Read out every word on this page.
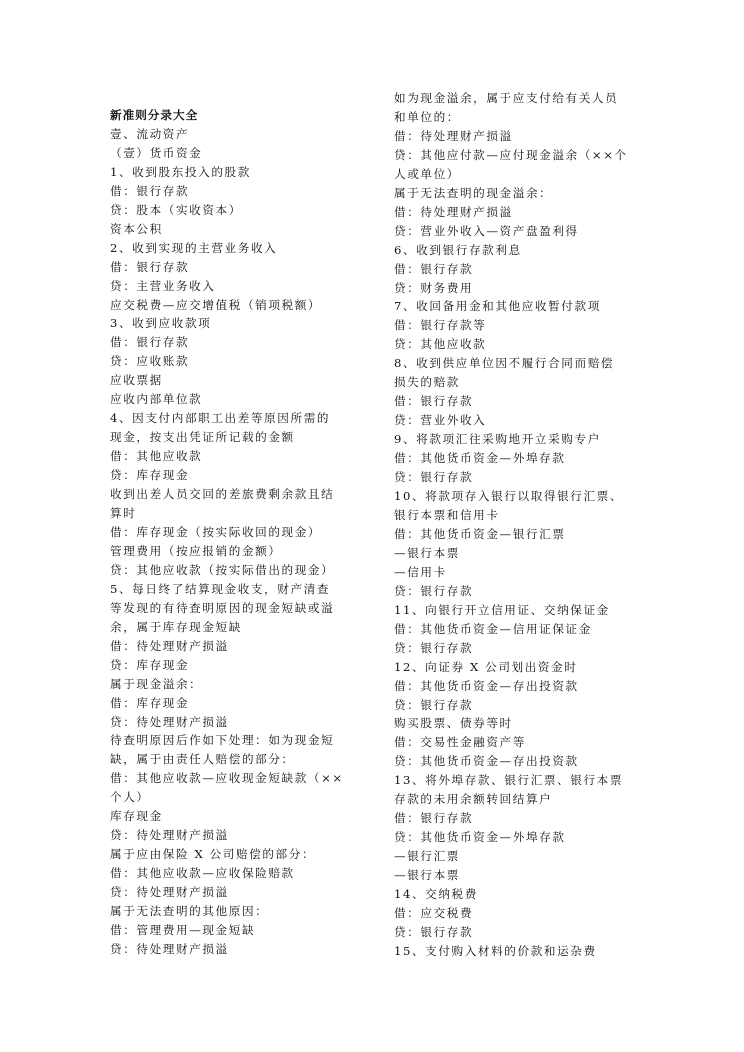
新准则分录大全
壹、流动资产
（壹）货币资金
1、收到股东投入的股款
借：银行存款
贷：股本（实收资本）
资本公积
2、收到实现的主营业务收入
借：银行存款
贷：主营业务收入
应交税费—应交增值税（销项税额）
3、收到应收款项
借：银行存款
贷：应收账款
应收票据
应收内部单位款
4、因支付内部职工出差等原因所需的
现金，按支出凭证所记载的金额
借：其他应收款
贷：库存现金
收到出差人员交回的差旅费剩余款且结
算时
借：库存现金（按实际收回的现金）
管理费用（按应报销的金额）
贷：其他应收款（按实际借出的现金）
5、每日终了结算现金收支，财产清查
等发现的有待查明原因的现金短缺或溢
余，属于库存现金短缺
借：待处理财产损溢
贷：库存现金
属于现金溢余：
借：库存现金
贷：待处理财产损溢
待查明原因后作如下处理：如为现金短
缺，属于由责任人赔偿的部分：
借：其他应收款—应收现金短缺款（××
个人）
库存现金
贷：待处理财产损溢
属于应由保险 X 公司赔偿的部分：
借：其他应收款—应收保险赔款
贷：待处理财产损溢
属于无法查明的其他原因：
借：管理费用—现金短缺
贷：待处理财产损溢
如为现金溢余，属于应支付给有关人员
和单位的：
借：待处理财产损溢
贷：其他应付款—应付现金溢余（××个
人或单位）
属于无法查明的现金溢余：
借：待处理财产损溢
贷：营业外收入—资产盘盈利得
6、收到银行存款利息
借：银行存款
贷：财务费用
7、收回备用金和其他应收暂付款项
借：银行存款等
贷：其他应收款
8、收到供应单位因不履行合同而赔偿
损失的赔款
借：银行存款
贷：营业外收入
9、将款项汇往采购地开立采购专户
借：其他货币资金—外埠存款
贷：银行存款
10、将款项存入银行以取得银行汇票、
银行本票和信用卡
借：其他货币资金—银行汇票
—银行本票
—信用卡
贷：银行存款
11、向银行开立信用证、交纳保证金
借：其他货币资金—信用证保证金
贷：银行存款
12、向证券 X 公司划出资金时
借：其他货币资金—存出投资款
贷：银行存款
购买股票、债券等时
借：交易性金融资产等
贷：其他货币资金—存出投资款
13、将外埠存款、银行汇票、银行本票
存款的未用余额转回结算户
借：银行存款
贷：其他货币资金—外埠存款
—银行汇票
—银行本票
14、交纳税费
借：应交税费
贷：银行存款
15、支付购入材料的价款和运杂费
